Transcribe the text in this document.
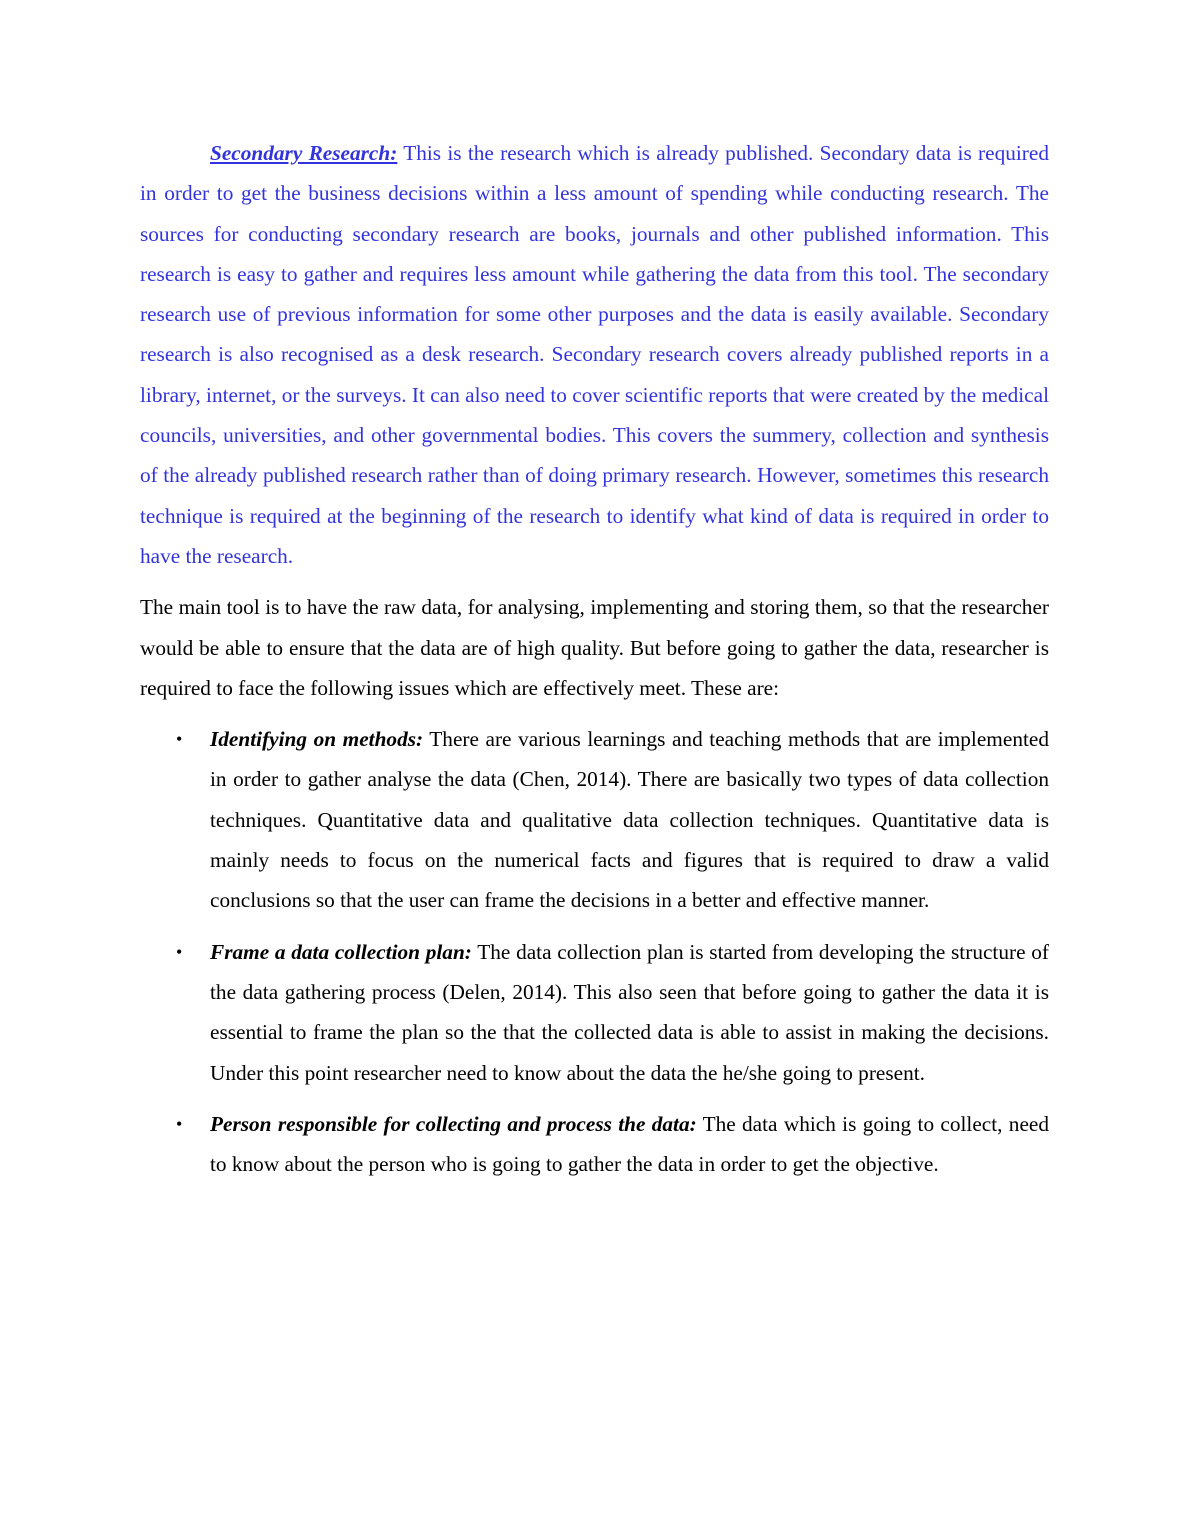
Secondary Research: This is the research which is already published. Secondary data is required in order to get the business decisions within a less amount of spending while conducting research. The sources for conducting secondary research are books, journals and other published information. This research is easy to gather and requires less amount while gathering the data from this tool. The secondary research use of previous information for some other purposes and the data is easily available. Secondary research is also recognised as a desk research. Secondary research covers already published reports in a library, internet, or the surveys. It can also need to cover scientific reports that were created by the medical councils, universities, and other governmental bodies. This covers the summery, collection and synthesis of the already published research rather than of doing primary research. However, sometimes this research technique is required at the beginning of the research to identify what kind of data is required in order to have the research.

The main tool is to have the raw data, for analysing, implementing and storing them, so that the researcher would be able to ensure that the data are of high quality. But before going to gather the data, researcher is required to face the following issues which are effectively meet. These are:

• Identifying on methods: There are various learnings and teaching methods that are implemented in order to gather analyse the data (Chen, 2014). There are basically two types of data collection techniques. Quantitative data and qualitative data collection techniques. Quantitative data is mainly needs to focus on the numerical facts and figures that is required to draw a valid conclusions so that the user can frame the decisions in a better and effective manner.
• Frame a data collection plan: The data collection plan is started from developing the structure of the data gathering process (Delen, 2014). This also seen that before going to gather the data it is essential to frame the plan so the that the collected data is able to assist in making the decisions. Under this point researcher need to know about the data the he/she going to present.
• Person responsible for collecting and process the data: The data which is going to collect, need to know about the person who is going to gather the data in order to get the objective.
